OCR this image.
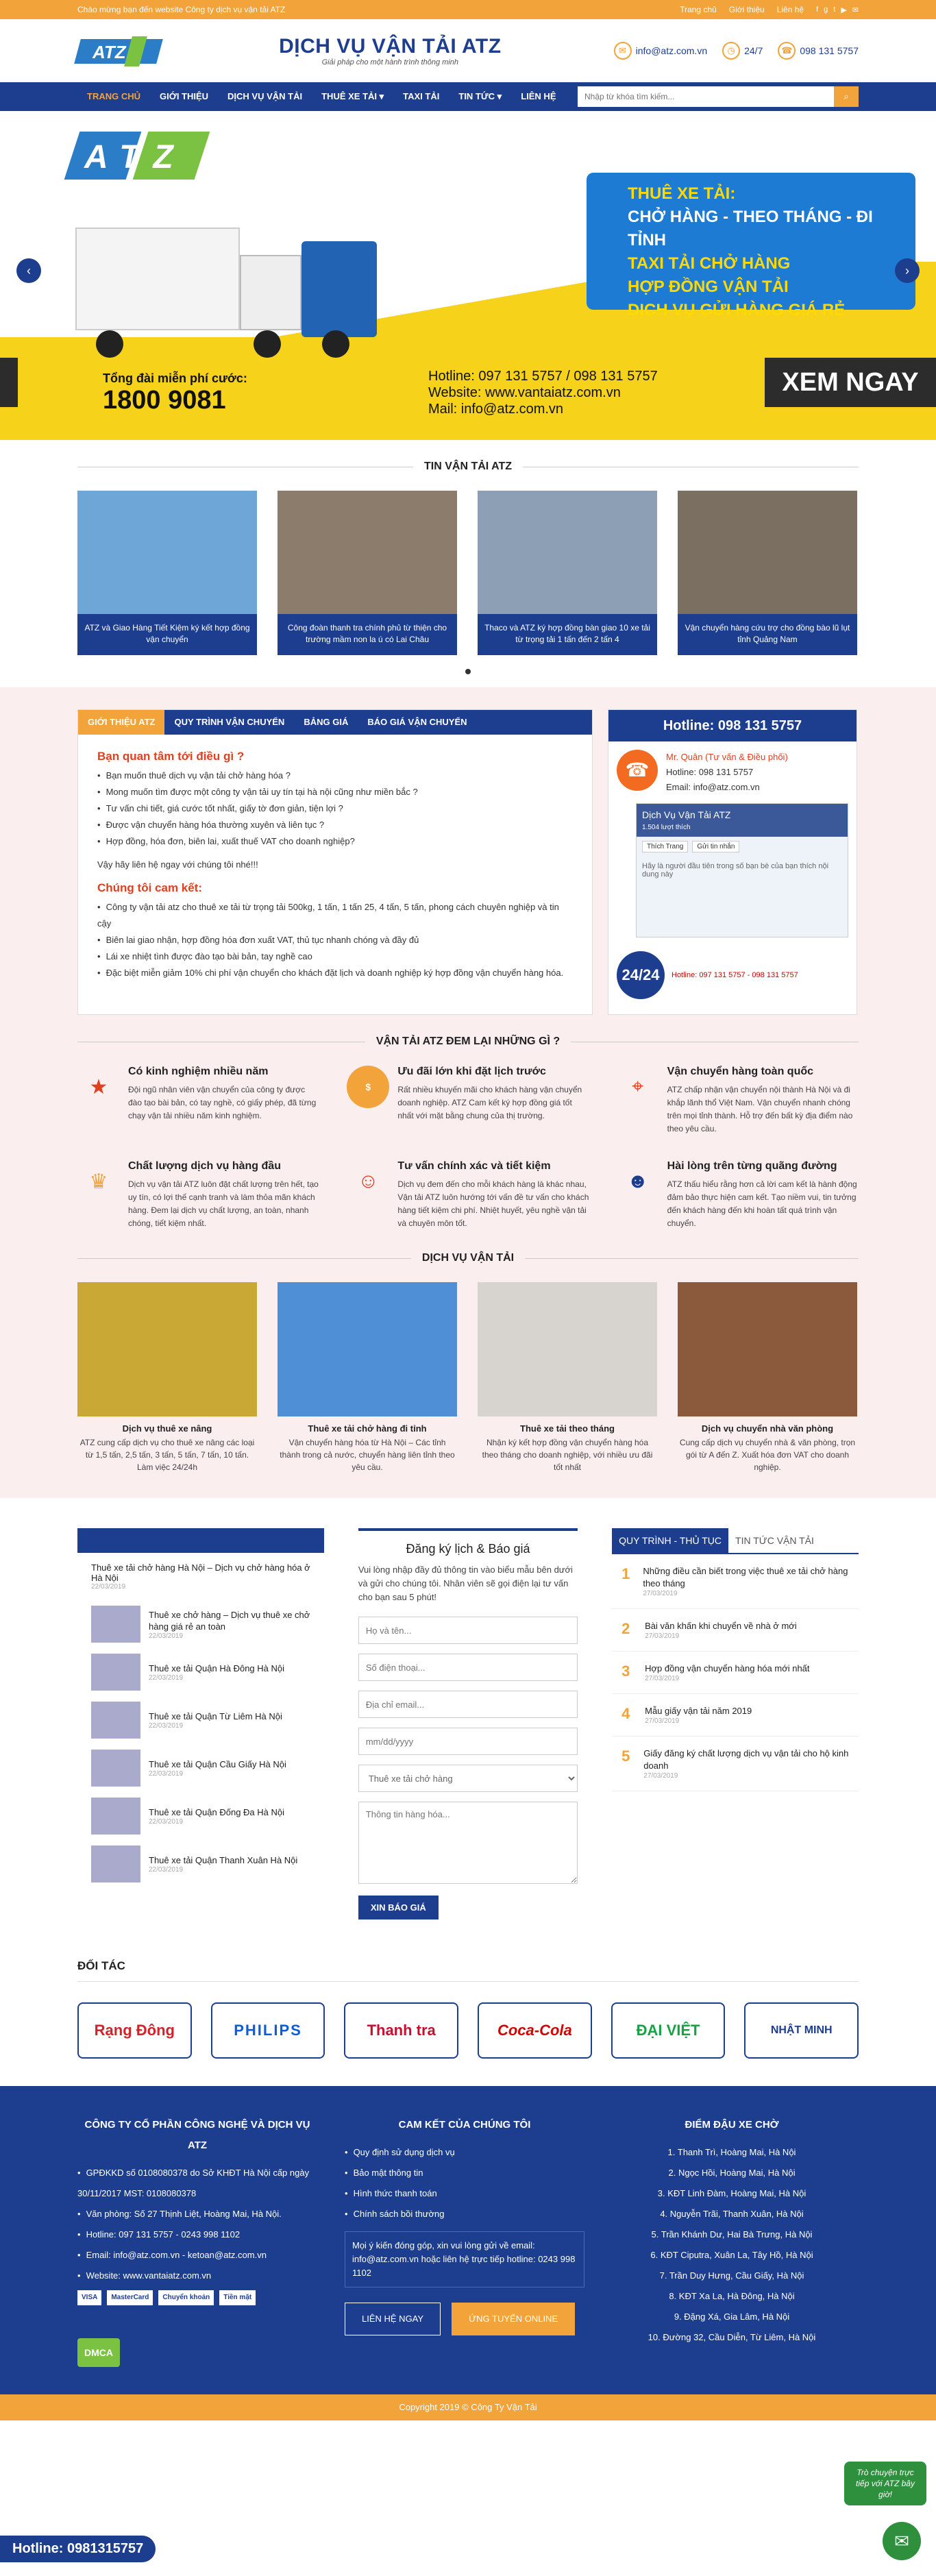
Chào mừng bạn đến website Công ty dịch vụ vận tải ATZ	Trang chủ Giới thiệu Liên hệ f g t ▶ ✉
ATZ	DỊCH VỤ VẬN TẢI ATZ

Giải pháp cho một hành trình thông minh

✉ info@atz.com.vn	◷ 24/7	☎ 098 131 5757
TRANG CHỦ	GIỚI THIỆU	DỊCH VỤ VẬN TẢI	THUÊ XE TẢI ▾	TAXI TẢI	TIN TỨC ▾	LIÊN HỆ
Nhập từ khóa tìm kiếm...	⌕
ATZ
THUÊ XE TẢI:
CHỞ HÀNG - THEO THÁNG - ĐI TỈNH
TAXI TẢI CHỞ HÀNG
HỢP ĐỒNG VẬN TẢI
DỊCH VỤ GỬI HÀNG GIÁ RẺ
Tổng đài miễn phí cước:
1800 9081
Hotline: 097 131 5757 / 098 131 5757
Website: www.vantaiatz.com.vn
Mail: info@atz.com.vn
XEM NGAY
‹	›
TIN VẬN TẢI ATZ
ATZ và Giao Hàng Tiết Kiệm ký kết hợp đồng vận chuyển
Công đoàn thanh tra chính phủ từ thiện cho trường mầm non la ú có Lai Châu
Thaco và ATZ ký hợp đồng bàn giao 10 xe tải từ trọng tải 1 tấn đến 2 tấn 4
Vận chuyển hàng cứu trợ cho đồng bào lũ lụt tỉnh Quảng Nam
GIỚI THIỆU ATZ	QUY TRÌNH VẬN CHUYỂN	BẢNG GIÁ	BÁO GIÁ VẬN CHUYỂN
Bạn quan tâm tới điều gì ?
• Bạn muốn thuê dịch vụ vận tải chở hàng hóa ?
• Mong muốn tìm được một công ty vận tải uy tín tại hà nội cũng như miền bắc ?
• Tư vấn chi tiết, giá cước tốt nhất, giấy tờ đơn giản, tiện lợi ?
• Được vận chuyển hàng hóa thường xuyên và liên tục ?
• Hợp đồng, hóa đơn, biên lai, xuất thuế VAT cho doanh nghiệp?

Vậy hãy liên hệ ngay với chúng tôi nhé!!!

Chúng tôi cam kết:
• Công ty vận tải atz cho thuê xe tải từ trọng tải 500kg, 1 tấn, 1 tấn 25, 4 tấn, 5 tấn, phong cách chuyên nghiệp và tin cậy
• Biên lai giao nhận, hợp đồng hóa đơn xuất VAT, thủ tục nhanh chóng và đầy đủ
• Lái xe nhiệt tình được đào tạo bài bản, tay nghề cao
• Đặc biệt miễn giảm 10% chi phí vận chuyển cho khách đặt lịch và doanh nghiệp ký hợp đồng vận chuyển hàng hóa.
Hotline: 098 131 5757
☎
Mr. Quân (Tư vấn & Điều phối)
Hotline: 098 131 5757
Email: info@atz.com.vn
Dịch Vụ Vận Tải ATZ
1.504 lượt thích
Thích Trang	Gửi tin nhắn
Hãy là người đầu tiên trong số bạn bè của bạn thích nội dung này
24/24	Hotline: 097 131 5757 - 098 131 5757
VẬN TẢI ATZ ĐEM LẠI NHỮNG GÌ ?
★
Có kinh nghiệm nhiều năm

Đội ngũ nhân viên vận chuyển của công ty được đào tạo bài bản, có tay nghề, có giấy phép, đã từng chạy vận tải nhiều năm kinh nghiệm.

$
Ưu đãi lớn khi đặt lịch trước

Rất nhiều khuyến mãi cho khách hàng vận chuyển doanh nghiệp. ATZ Cam kết ký hợp đồng giá tốt nhất với mặt bằng chung của thị trường.

⌖
Vận chuyển hàng toàn quốc

ATZ chấp nhận vận chuyển nội thành Hà Nội và đi khắp lãnh thổ Việt Nam. Vận chuyển nhanh chóng trên mọi tỉnh thành. Hỗ trợ đến bất kỳ địa điểm nào theo yêu cầu.

♛
Chất lượng dịch vụ hàng đầu

Dịch vụ vận tải ATZ luôn đặt chất lượng trên hết, tạo uy tín, có lợi thế cạnh tranh và làm thỏa mãn khách hàng. Đem lại dịch vụ chất lượng, an toàn, nhanh chóng, tiết kiệm nhất.

☺
Tư vấn chính xác và tiết kiệm

Dịch vụ đem đến cho mỗi khách hàng là khác nhau, Vận tải ATZ luôn hướng tới vấn đề tư vấn cho khách hàng tiết kiệm chi phí. Nhiệt huyết, yêu nghề vận tải và chuyên môn tốt.

☻
Hài lòng trên từng quãng đường

ATZ thấu hiểu rằng hơn cả lời cam kết là hành động đảm bảo thực hiện cam kết. Tạo niềm vui, tin tưởng đến khách hàng đến khi hoàn tất quá trình vận chuyển.

DỊCH VỤ VẬN TẢI
Dịch vụ thuê xe nâng

ATZ cung cấp dịch vụ cho thuê xe nâng các loại từ 1,5 tấn, 2,5 tấn, 3 tấn, 5 tấn, 7 tấn, 10 tấn. Làm việc 24/24h

Thuê xe tải chở hàng đi tỉnh

Vận chuyển hàng hóa từ Hà Nội – Các tỉnh thành trong cả nước, chuyển hàng liên tỉnh theo yêu cầu.

Thuê xe tải theo tháng

Nhận ký kết hợp đồng vận chuyển hàng hóa theo tháng cho doanh nghiệp, với nhiều ưu đãi tốt nhất

Dịch vụ chuyển nhà văn phòng

Cung cấp dịch vụ chuyển nhà & văn phòng, trọn gói từ A đến Z. Xuất hóa đơn VAT cho doanh nghiệp.

Thuê xe tải chở hàng Hà Nội – Dịch vụ chở hàng hóa ở Hà Nội
22/03/2019
Thuê xe chở hàng – Dịch vụ thuê xe chở hàng giá rẻ an toàn
22/03/2019
Thuê xe tải Quận Hà Đông Hà Nội
22/03/2019
Thuê xe tải Quận Từ Liêm Hà Nội
22/03/2019
Thuê xe tải Quận Cầu Giấy Hà Nội
22/03/2019
Thuê xe tải Quận Đống Đa Hà Nội
22/03/2019
Thuê xe tải Quận Thanh Xuân Hà Nội
22/03/2019
Đăng ký lịch & Báo giá
Vui lòng nhập đầy đủ thông tin vào biểu mẫu bên dưới và gửi cho chúng tôi. Nhân viên sẽ gọi điện lại tư vấn cho bạn sau 5 phút!
Họ và tên... Số điện thoại... Địa chỉ email... mm/dd/yyyy
Thuê xe tải chở hàng Thông tin hàng hóa... XIN BÁO GIÁ
QUY TRÌNH - THỦ TỤC	TIN TỨC VẬN TẢI
1 Những điều cần biết trong việc thuê xe tải chở hàng theo tháng
27/03/2019
2 Bài văn khấn khi chuyển về nhà ở mới
27/03/2019
3 Hợp đồng vận chuyển hàng hóa mới nhất
27/03/2019
4 Mẫu giấy vận tải năm 2019
27/03/2019
5 Giấy đăng ký chất lượng dịch vụ vận tải cho hộ kinh doanh
27/03/2019
ĐỐI TÁC
Rạng Đông	PHILIPS	Thanh tra	Coca-Cola	ĐẠI VIỆT	NHẬT MINH
CÔNG TY CỔ PHẦN CÔNG NGHỆ VÀ DỊCH VỤ ATZ
• GPĐKKD số 0108080378 do Sở KHĐT Hà Nội cấp ngày 30/11/2017 MST: 0108080378
• Văn phòng: Số 27 Thịnh Liệt, Hoàng Mai, Hà Nội.
• Hotline: 097 131 5757 - 0243 998 1102
• Email: info@atz.com.vn - ketoan@atz.com.vn
• Website: www.vantaiatz.com.vn
VISA	MasterCard	Chuyển khoản	Tiền mặt
DMCA
CAM KẾT CỦA CHÚNG TÔI
• Quy định sử dụng dịch vụ
• Bảo mật thông tin
• Hình thức thanh toán
• Chính sách bồi thường
Mọi ý kiến đóng góp, xin vui lòng gửi về email: info@atz.com.vn hoặc liên hệ trực tiếp hotline: 0243 998 1102
LIÊN HỆ NGAY	ỨNG TUYỂN ONLINE
ĐIỂM ĐẬU XE CHỜ
1. Thanh Trì, Hoàng Mai, Hà Nội
2. Ngọc Hồi, Hoàng Mai, Hà Nội
3. KĐT Linh Đàm, Hoàng Mai, Hà Nội
4. Nguyễn Trãi, Thanh Xuân, Hà Nội
5. Trần Khánh Dư, Hai Bà Trưng, Hà Nội
6. KĐT Ciputra, Xuân La, Tây Hồ, Hà Nội
7. Trần Duy Hưng, Cầu Giấy, Hà Nội
8. KĐT Xa La, Hà Đông, Hà Nội
9. Đặng Xá, Gia Lâm, Hà Nội
10. Đường 32, Cầu Diễn, Từ Liêm, Hà Nội
Copyright 2019 © Công Ty Vận Tải
Hotline: 0981315757
Trò chuyện trực tiếp với ATZ bây giờ!
✉
